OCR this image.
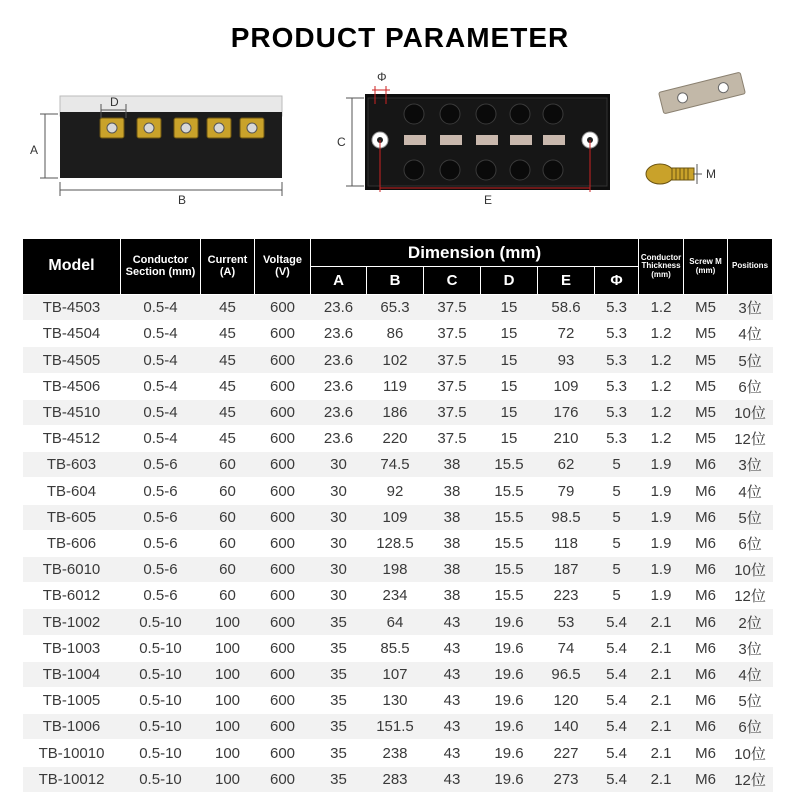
PRODUCT PARAMETER
A
B
D
Φ
C
E
M
Model	Conductor Section (mm)	Current (A)	Voltage (V)	Dimension (mm)						Conductor Thickness (mm)	Screw M (mm)	Positions
				A	B	C	D	E	Φ			
TB-4503	0.5-4	45	600	23.6	65.3	37.5	15	58.6	5.3	1.2	M5	3位
TB-4504	0.5-4	45	600	23.6	86	37.5	15	72	5.3	1.2	M5	4位
TB-4505	0.5-4	45	600	23.6	102	37.5	15	93	5.3	1.2	M5	5位
TB-4506	0.5-4	45	600	23.6	119	37.5	15	109	5.3	1.2	M5	6位
TB-4510	0.5-4	45	600	23.6	186	37.5	15	176	5.3	1.2	M5	10位
TB-4512	0.5-4	45	600	23.6	220	37.5	15	210	5.3	1.2	M5	12位
TB-603	0.5-6	60	600	30	74.5	38	15.5	62	5	1.9	M6	3位
TB-604	0.5-6	60	600	30	92	38	15.5	79	5	1.9	M6	4位
TB-605	0.5-6	60	600	30	109	38	15.5	98.5	5	1.9	M6	5位
TB-606	0.5-6	60	600	30	128.5	38	15.5	118	5	1.9	M6	6位
TB-6010	0.5-6	60	600	30	198	38	15.5	187	5	1.9	M6	10位
TB-6012	0.5-6	60	600	30	234	38	15.5	223	5	1.9	M6	12位
TB-1002	0.5-10	100	600	35	64	43	19.6	53	5.4	2.1	M6	2位
TB-1003	0.5-10	100	600	35	85.5	43	19.6	74	5.4	2.1	M6	3位
TB-1004	0.5-10	100	600	35	107	43	19.6	96.5	5.4	2.1	M6	4位
TB-1005	0.5-10	100	600	35	130	43	19.6	120	5.4	2.1	M6	5位
TB-1006	0.5-10	100	600	35	151.5	43	19.6	140	5.4	2.1	M6	6位
TB-10010	0.5-10	100	600	35	238	43	19.6	227	5.4	2.1	M6	10位
TB-10012	0.5-10	100	600	35	283	43	19.6	273	5.4	2.1	M6	12位
